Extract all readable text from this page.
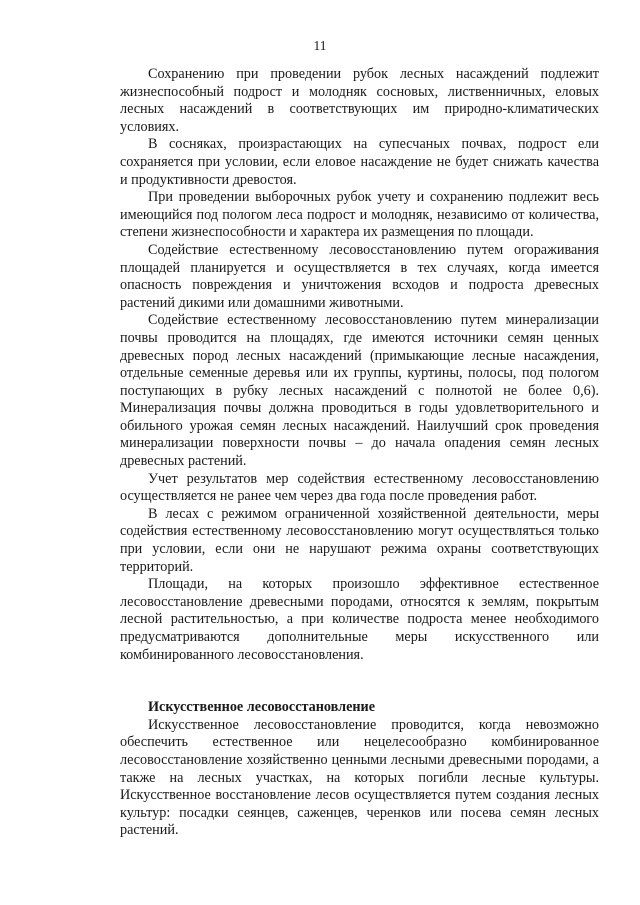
11

Сохранению при проведении рубок лесных насаждений подлежит жизнеспособный подрост и молодняк сосновых, лиственничных, еловых лесных насаждений в соответствующих им природно-климатических условиях.

В сосняках, произрастающих на супесчаных почвах, подрост ели сохраняется при условии, если еловое насаждение не будет снижать качества и продуктивности древостоя.

При проведении выборочных рубок учету и сохранению подлежит весь имеющийся под пологом леса подрост и молодняк, независимо от количества, степени жизнеспособности и характера их размещения по площади.

Содействие естественному лесовосстановлению путем огораживания площадей планируется и осуществляется в тех случаях, когда имеется опасность повреждения и уничтожения всходов и подроста древесных растений дикими или домашними животными.

Содействие естественному лесовосстановлению путем минерализации почвы проводится на площадях, где имеются источники семян ценных древесных пород лесных насаждений (примыкающие лесные насаждения, отдельные семенные деревья или их группы, куртины, полосы, под пологом поступающих в рубку лесных насаждений с полнотой не более 0,6). Минерализация почвы должна проводиться в годы удовлетворительного и обильного урожая семян лесных насаждений. Наилучший срок проведения минерализации поверхности почвы – до начала опадения семян лесных древесных растений.

Учет результатов мер содействия естественному лесовосстановлению осуществляется не ранее чем через два года после проведения работ.

В лесах с режимом ограниченной хозяйственной деятельности, меры содействия естественному лесовосстановлению могут осуществляться только при условии, если они не нарушают режима охраны соответствующих территорий.

Площади, на которых произошло эффективное естественное лесовосстановление древесными породами, относятся к землям, покрытым лесной растительностью, а при количестве подроста менее необходимого предусматриваются дополнительные меры искусственного или комбинированного лесовосстановления.

Искусственное лесовосстановление

Искусственное лесовосстановление проводится, когда невозможно обеспечить естественное или нецелесообразно комбинированное лесовосстановление хозяйственно ценными лесными древесными породами, а также на лесных участках, на которых погибли лесные культуры. Искусственное восстановление лесов осуществляется путем создания лесных культур: посадки сеянцев, саженцев, черенков или посева семян лесных растений.
